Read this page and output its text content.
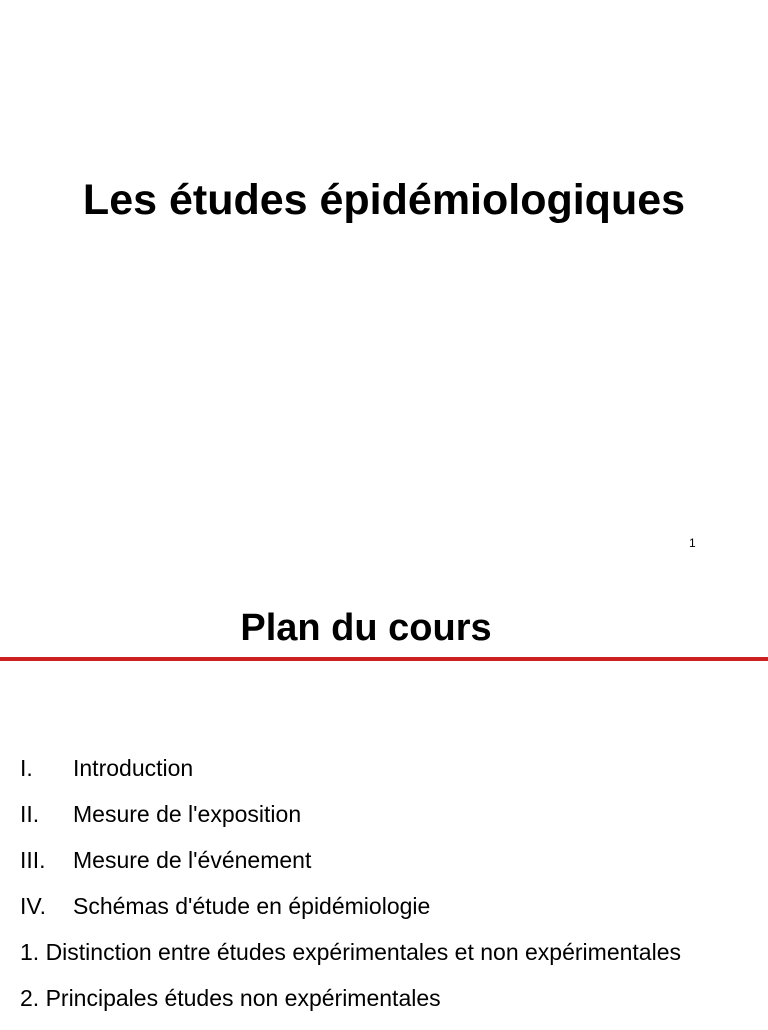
Les études épidémiologiques
1
Plan du cours
I. Introduction
II. Mesure de l'exposition
III. Mesure de l'événement
IV. Schémas d'étude en épidémiologie
1. Distinction entre études expérimentales et non expérimentales
2. Principales études non expérimentales
